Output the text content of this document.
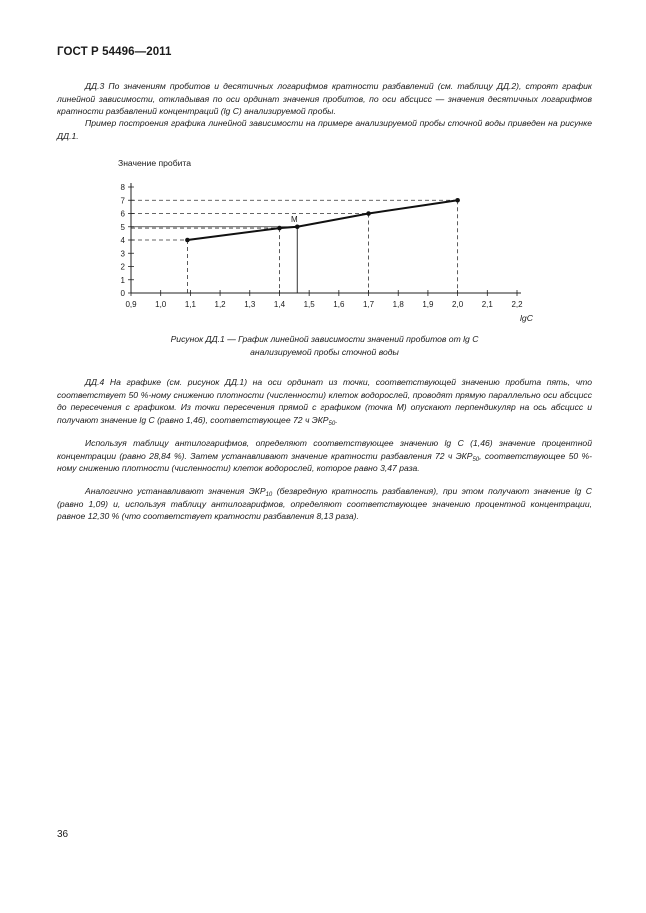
ГОСТ Р 54496—2011

ДД.3 По значениям пробитов и десятичных логарифмов кратности разбавлений (см. таблицу ДД.2), строят график линейной зависимости, откладывая по оси ординат значения пробитов, по оси абсцисс — значения десятичных логарифмов кратности разбавлений концентраций (lg C) анализируемой пробы.

Пример построения графика линейной зависимости на примере анализируемой пробы сточной воды приведен на рисунке ДД.1.

Значение пробита
lgC
0,9 1,0 1,1 1,2 1,3 1,4 1,5 1,6 1,7 1,8 1,9 2,0 2,1 2,2
0
1
2
3
4
5
6
7
8
М
Рисунок ДД.1 — График линейной зависимости значений пробитов от lg C
анализируемой пробы сточной воды

ДД.4 На графике (см. рисунок ДД.1) на оси ординат из точки, соответствующей значению пробита пять, что соответствует 50 %-ному снижению плотности (численности) клеток водорослей, проводят прямую параллельно оси абсцисс до пересечения с графиком. Из точки пересечения прямой с графиком (точка М) опускают перпендикуляр на ось абсцисс и получают значение lg C (равно 1,46), соответствующее 72 ч $ЭКР_{50}$.

Используя таблицу антилогарифмов, определяют соответствующее значению lg C (1,46) значение процентной концентрации (равно 28,84 %). Затем устанавливают значение кратности разбавления 72 ч $ЭКР_{50}$, соответствующее 50 %-ному снижению плотности (численности) клеток водорослей, которое равно 3,47 раза.

Аналогично устанавливают значения $ЭКР_{10}$ (безвредную кратность разбавления), при этом получают значение lg C (равно 1,09) и, используя таблицу антилогарифмов, определяют соответствующее значению процентной концентрации, равное 12,30 % (что соответствует кратности разбавления 8,13 раза).

36
